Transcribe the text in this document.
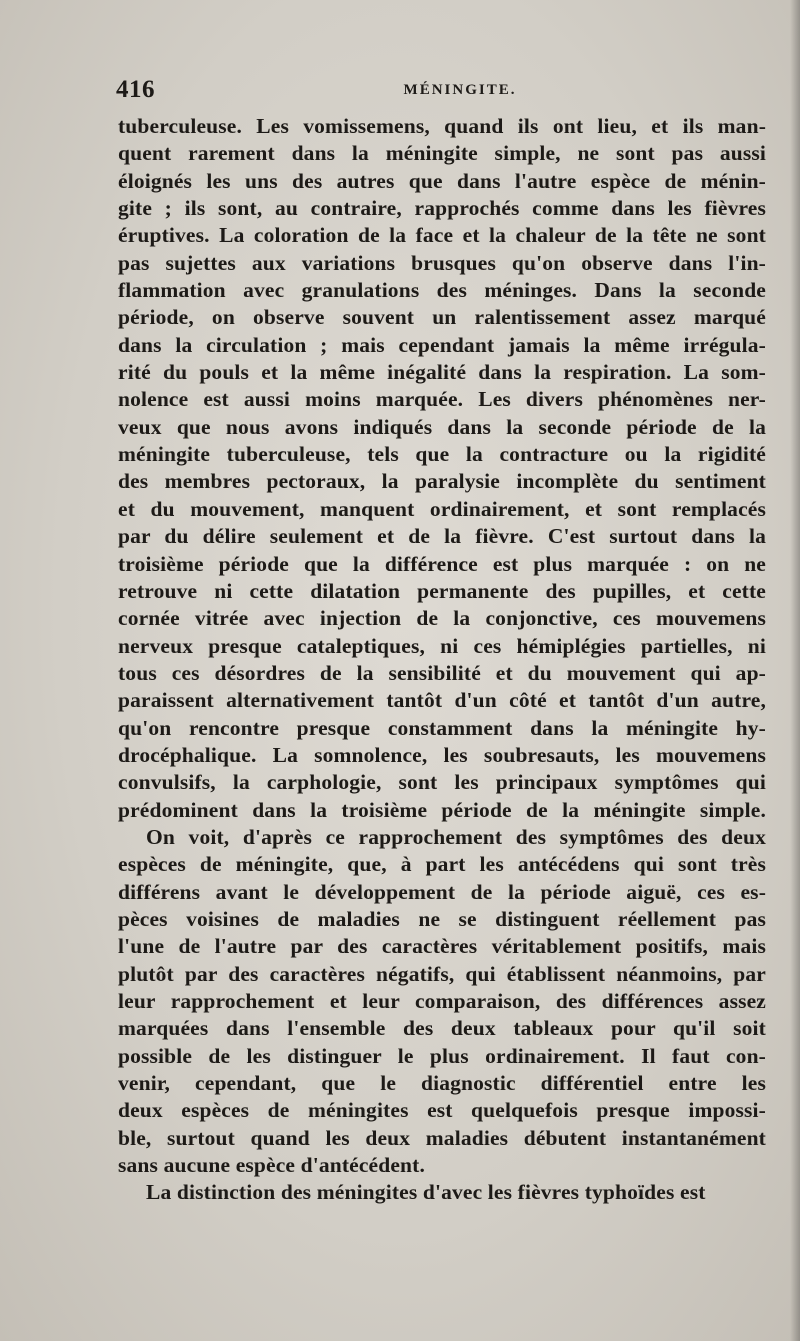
416	MÉNINGITE.
tuberculeuse. Les vomissemens, quand ils ont lieu, et ils man-
quent rarement dans la méningite simple, ne sont pas aussi
éloignés les uns des autres que dans l'autre espèce de ménin-
gite ; ils sont, au contraire, rapprochés comme dans les fièvres
éruptives. La coloration de la face et la chaleur de la tête ne sont
pas sujettes aux variations brusques qu'on observe dans l'in-
flammation avec granulations des méninges. Dans la seconde
période, on observe souvent un ralentissement assez marqué
dans la circulation ; mais cependant jamais la même irrégula-
rité du pouls et la même inégalité dans la respiration. La som-
nolence est aussi moins marquée. Les divers phénomènes ner-
veux que nous avons indiqués dans la seconde période de la
méningite tuberculeuse, tels que la contracture ou la rigidité
des membres pectoraux, la paralysie incomplète du sentiment
et du mouvement, manquent ordinairement, et sont remplacés
par du délire seulement et de la fièvre. C'est surtout dans la
troisième période que la différence est plus marquée : on ne
retrouve ni cette dilatation permanente des pupilles, et cette
cornée vitrée avec injection de la conjonctive, ces mouvemens
nerveux presque cataleptiques, ni ces hémiplégies partielles, ni
tous ces désordres de la sensibilité et du mouvement qui ap-
paraissent alternativement tantôt d'un côté et tantôt d'un autre,
qu'on rencontre presque constamment dans la méningite hy-
drocéphalique. La somnolence, les soubresauts, les mouvemens
convulsifs, la carphologie, sont les principaux symptômes qui
prédominent dans la troisième période de la méningite simple.
On voit, d'après ce rapprochement des symptômes des deux
espèces de méningite, que, à part les antécédens qui sont très
différens avant le développement de la période aiguë, ces es-
pèces voisines de maladies ne se distinguent réellement pas
l'une de l'autre par des caractères véritablement positifs, mais
plutôt par des caractères négatifs, qui établissent néanmoins, par
leur rapprochement et leur comparaison, des différences assez
marquées dans l'ensemble des deux tableaux pour qu'il soit
possible de les distinguer le plus ordinairement. Il faut con-
venir, cependant, que le diagnostic différentiel entre les
deux espèces de méningites est quelquefois presque impossi-
ble, surtout quand les deux maladies débutent instantanément
sans aucune espèce d'antécédent.
La distinction des méningites d'avec les fièvres typhoïdes est
